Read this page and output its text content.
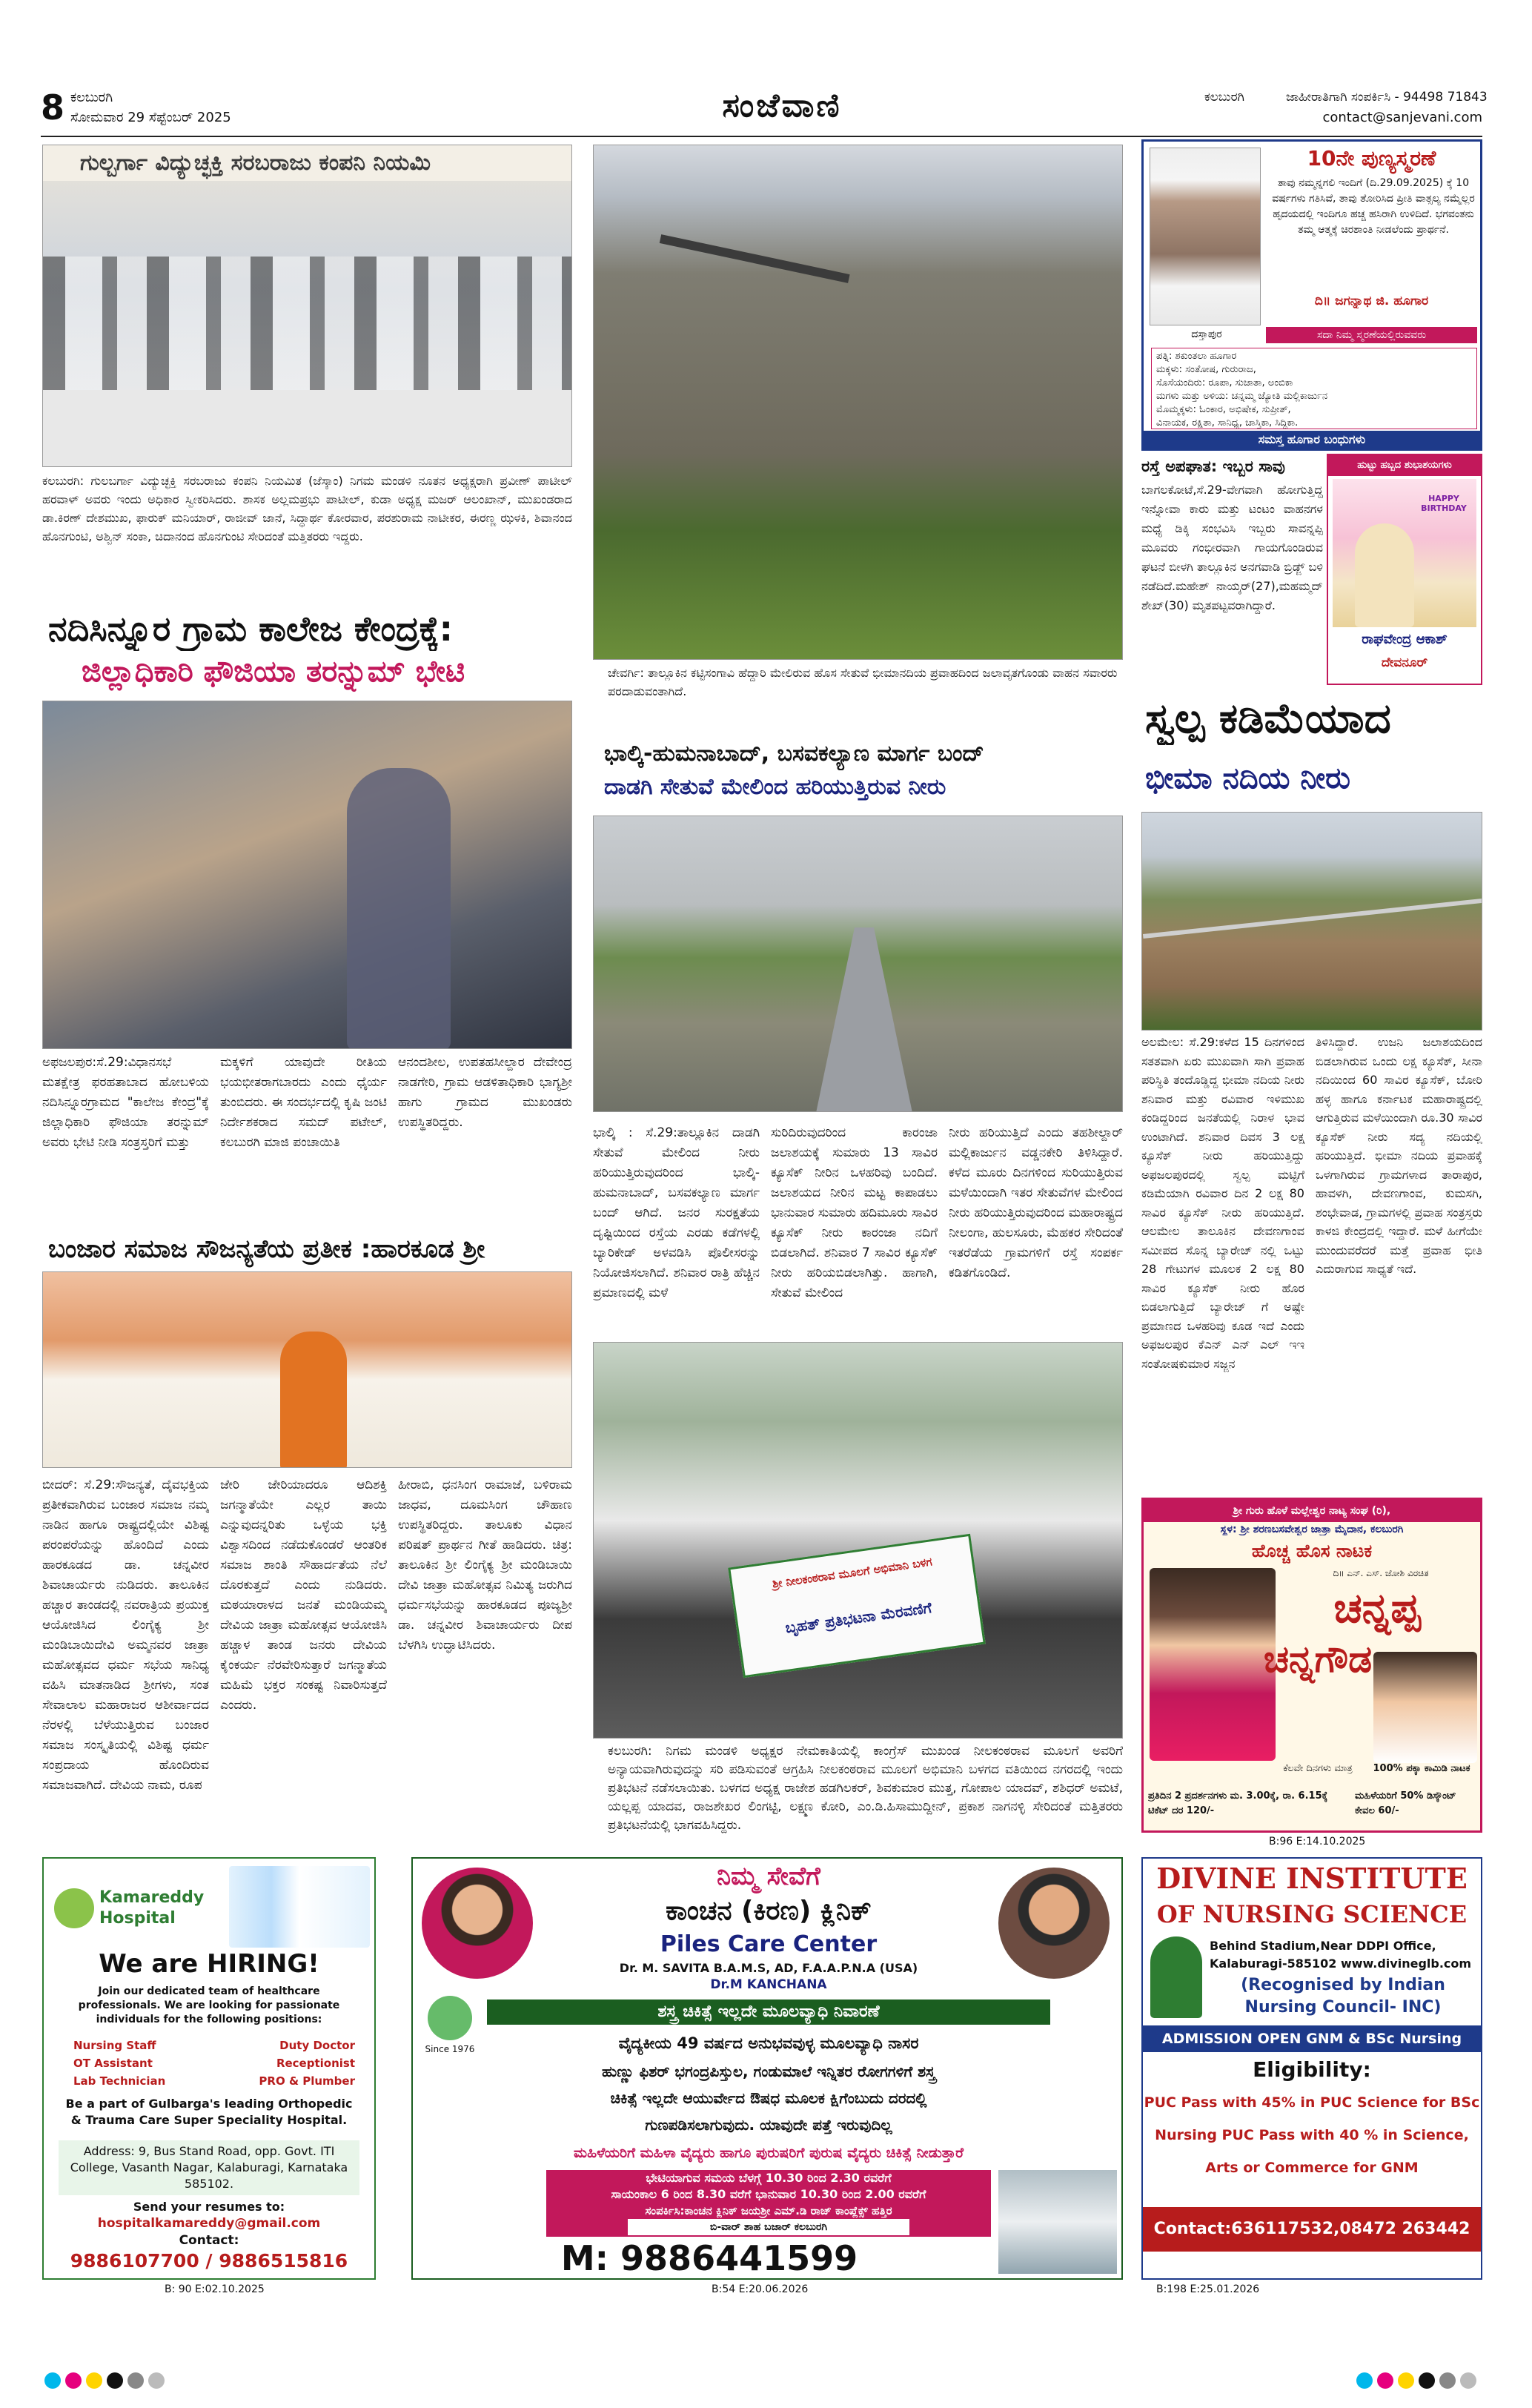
8 ಕಲಬುರಗಿ
ಸೋಮವಾರ 29 ಸೆಪ್ಟೆಂಬರ್ 2025	ಸಂಜೆವಾಣಿ	ಕಲಬುರಗಿ	ಜಾಹೀರಾತಿಗಾಗಿ ಸಂಪರ್ಕಿಸಿ - 94498 71843
contact@sanjevani.com
ಗುಲ್ಬರ್ಗಾ ವಿದ್ಯುಚ್ಛಕ್ತಿ ಸರಬರಾಜು ಕಂಪನಿ ನಿಯಮಿ
ಕಲಬುರಗಿ: ಗುಲಬರ್ಗಾ ವಿದ್ಯುಚ್ಛಕ್ತಿ ಸರಬರಾಜು ಕಂಪನಿ ನಿಯಮಿತ (ಜೆಸ್ಕಾಂ) ನಿಗಮ ಮಂಡಳಿ ನೂತನ ಅಧ್ಯಕ್ಷರಾಗಿ ಪ್ರವೀಣ್ ಪಾಟೀಲ್ ಹರವಾಳ್ ಅವರು ಇಂದು ಅಧಿಕಾರ ಸ್ವೀಕರಿಸಿದರು. ಶಾಸಕ ಅಲ್ಲಮಪ್ರಭು ಪಾಟೀಲ್, ಕುಡಾ ಅಧ್ಯಕ್ಷ ಮಜರ್ ಆಲಂಖಾನ್, ಮುಖಂಡರಾದ ಡಾ.ಕಿರಣ್ ದೇಶಮುಖ, ಫಾರುಕ್ ಮನಿಯಾರ್, ರಾಜೀವ್ ಜಾನೆ, ಸಿದ್ಧಾರ್ಥ ಕೋರವಾರ, ಪರಶುರಾಮ ನಾಟೀಕರ, ಈರಣ್ಣ ಝಳಕಿ, ಶಿವಾನಂದ ಹೊನಗುಂಟಿ, ಅಶ್ವಿನ್ ಸಂಕಾ, ಚಿದಾನಂದ ಹೊನಗುಂಟಿ ಸೇರಿದಂತೆ ಮತ್ತಿತರರು ಇದ್ದರು.
ನದಿಸಿನ್ನೂರ ಗ್ರಾಮ ಕಾಲೇಜ ಕೇಂದ್ರಕ್ಕೆ:
ಜಿಲ್ಲಾಧಿಕಾರಿ ಫೌಜಿಯಾ ತರನ್ನುಮ್ ಭೇಟಿ
ಅಫಜಲಪುರ:ಸೆ.29:ವಿಧಾನಸಭೆ ಮತಕ್ಷೇತ್ರ ಫರಹತಾಬಾದ ಹೋಬಳಿಯ ನದಿಸಿನ್ನೂರಗ್ರಾಮದ "ಕಾಲೇಜ ಕೇಂದ್ರ"ಕ್ಕೆ ಜಿಲ್ಲಾಧಿಕಾರಿ ಫೌಜಿಯಾ ತರನ್ನುಮ್ ಅವರು ಭೇಟಿ ನೀಡಿ ಸಂತ್ರಸ್ತರಿಗೆ ಮತ್ತು
ಮಕ್ಕಳಿಗೆ ಯಾವುದೇ ರೀತಿಯ ಭಯಭೀತರಾಗಬಾರದು ಎಂದು ಧೈರ್ಯ ತುಂಬಿದರು. ಈ ಸಂದರ್ಭದಲ್ಲಿ ಕೃಷಿ ಜಂಟಿ ನಿರ್ದೇಶಕರಾದ ಸಮದ್ ಪಟೇಲ್, ಕಲಬುರಗಿ ಮಾಜಿ ಪಂಚಾಯಿತಿ
ಆನಂದಶೀಲ, ಉಪತಹಸೀಲ್ದಾರ ದೇವೇಂದ್ರ ನಾಡಗೇರಿ, ಗ್ರಾಮ ಆಡಳಿತಾಧಿಕಾರಿ ಭಾಗ್ಯಶ್ರೀ ಹಾಗು ಗ್ರಾಮದ ಮುಖಂಡರು ಉಪಸ್ಥಿತರಿದ್ದರು.
ಬಂಜಾರ ಸಮಾಜ ಸೌಜನ್ಯತೆಯ ಪ್ರತೀಕ :ಹಾರಕೂಡ ಶ್ರೀ
ಬೀದರ್: ಸೆ.29:ಸೌಜನ್ಯತೆ, ದೈವಭಕ್ತಿಯ ಪ್ರತೀಕವಾಗಿರುವ ಬಂಜಾರ ಸಮಾಜ ನಮ್ಮ ನಾಡಿನ ಹಾಗೂ ರಾಷ್ಟ್ರದಲ್ಲಿಯೇ ವಿಶಿಷ್ಟ ಪರಂಪರೆಯನ್ನು ಹೊಂದಿದೆ ಎಂದು ಹಾರಕೂಡದ ಡಾ. ಚನ್ನವೀರ ಶಿವಾಚಾರ್ಯರು ನುಡಿದರು. ತಾಲೂಕಿನ ಹಚ್ಚಾರ ತಾಂಡದಲ್ಲಿ ನವರಾತ್ರಿಯ ಪ್ರಯುಕ್ತ ಆಯೋಜಿಸಿದ ಲಿಂಗೈಕ್ಯ ಶ್ರೀ ಮಂಡಿಬಾಯಿದೇವಿ ಅಮ್ಮನವರ ಜಾತ್ರಾ ಮಹೋತ್ಸವದ ಧರ್ಮ ಸಭೆಯ ಸಾನಿಧ್ಯ ವಹಿಸಿ ಮಾತನಾಡಿದ ಶ್ರೀಗಳು, ಸಂತ ಸೇವಾಲಾಲ ಮಹಾರಾಜರ ಆಶೀರ್ವಾದದ ನೆರಳಲ್ಲಿ ಬೆಳೆಯುತ್ತಿರುವ ಬಂಜಾರ ಸಮಾಜ ಸಂಸ್ಕೃತಿಯಲ್ಲಿ ವಿಶಿಷ್ಟ ಧರ್ಮ ಸಂಪ್ರದಾಯ ಹೊಂದಿರುವ ಸಮಾಜವಾಗಿದೆ. ದೇವಿಯ ನಾಮ, ರೂಪ
ಜೇರಿ ಜೇರಿಯಾದರೂ ಆದಿಶಕ್ತಿ ಜಗನ್ಮಾತೆಯೇ ಎಲ್ಲರ ತಾಯಿ ಎನ್ನುವುದನ್ನರಿತು ಒಳ್ಳೆಯ ಭಕ್ತಿ ವಿಶ್ವಾಸದಿಂದ ನಡೆದುಕೊಂಡರೆ ಆಂತರಿಕ ಸಮಾಜ ಶಾಂತಿ ಸೌಹಾರ್ದತೆಯ ನೆಲೆ ದೊರಕುತ್ತದೆ ಎಂದು ನುಡಿದರು. ಮಠಯಾರಾಳದ ಜನತೆ ಮಂಡಿಯಮ್ಮ ದೇವಿಯ ಜಾತ್ರಾ ಮಹೋತ್ಸವ ಆಯೋಜಿಸಿ ಹಚ್ಚಾಳ ತಾಂಡ ಜನರು ದೇವಿಯ ಕೈಂಕರ್ಯ ನೆರವೇರಿಸುತ್ತಾರೆ ಜಗನ್ಮಾತೆಯ ಮಹಿಮೆ ಭಕ್ತರ ಸಂಕಷ್ಟ ನಿವಾರಿಸುತ್ತದೆ ಎಂದರು.
ಹೀರಾಬಿ, ಧನಸಿಂಗ ರಾಮಾಜೆ, ಬಳಿರಾಮ ಜಾಧವ, ದೂಮಸಿಂಗ ಚೌಹಾಣ ಉಪಸ್ಥಿತರಿದ್ದರು. ತಾಲೂಕು ವಿಧಾನ ಪರಿಷತ್ ಪ್ರಾರ್ಥನ ಗೀತೆ ಹಾಡಿದರು. ಚಿತ್ರ: ತಾಲೂಕಿನ ಶ್ರೀ ಲಿಂಗೈಕ್ಯ ಶ್ರೀ ಮಂಡಿಬಾಯಿ ದೇವಿ ಜಾತ್ರಾ ಮಹೋತ್ಸವ ನಿಮಿತ್ಯ ಜರುಗಿದ ಧರ್ಮಸಭೆಯನ್ನು ಹಾರಕೂಡದ ಪೂಜ್ಯಶ್ರೀ ಡಾ. ಚನ್ನವೀರ ಶಿವಾಚಾರ್ಯರು ದೀಪ ಬೆಳಗಿಸಿ ಉದ್ಘಾಟಿಸಿದರು.
ಚೇವರ್ಗಿ: ತಾಲ್ಲೂಕಿನ ಕಟ್ಟಿಸಂಗಾವಿ ಹೆದ್ದಾರಿ ಮೇಲಿರುವ ಹೊಸ ಸೇತುವೆ ಭೀಮಾನದಿಯ ಪ್ರವಾಹದಿಂದ ಜಲಾವೃತಗೊಂಡು ವಾಹನ ಸವಾರರು ಪರದಾಡುವಂತಾಗಿದೆ.
ಭಾಲ್ಕಿ-ಹುಮನಾಬಾದ್, ಬಸವಕಲ್ಯಾಣ ಮಾರ್ಗ ಬಂದ್
ದಾಡಗಿ ಸೇತುವೆ ಮೇಲಿಂದ ಹರಿಯುತ್ತಿರುವ ನೀರು
ಭಾಲ್ಕಿ : ಸೆ.29:ತಾಲ್ಲೂಕಿನ ದಾಡಗಿ ಸೇತುವೆ ಮೇಲಿಂದ ನೀರು ಹರಿಯುತ್ತಿರುವುದರಿಂದ ಭಾಲ್ಕಿ- ಹುಮನಾಬಾದ್, ಬಸವಕಲ್ಯಾಣ ಮಾರ್ಗ ಬಂದ್ ಆಗಿದೆ. ಜನರ ಸುರಕ್ಷತೆಯ ದೃಷ್ಟಿಯಿಂದ ರಸ್ತೆಯ ಎರಡು ಕಡೆಗಳಲ್ಲಿ ಬ್ಯಾರಿಕೇಡ್ ಅಳವಡಿಸಿ ಪೊಲೀಸರನ್ನು ನಿಯೋಜಿಸಲಾಗಿದೆ. ಶನಿವಾರ ರಾತ್ರಿ ಹೆಚ್ಚಿನ ಪ್ರಮಾಣದಲ್ಲಿ ಮಳೆ
ಸುರಿದಿರುವುದರಿಂದ ಕಾರಂಜಾ ಜಲಾಶಯಕ್ಕೆ ಸುಮಾರು 13 ಸಾವಿರ ಕ್ಯೂಸೆಕ್ ನೀರಿನ ಒಳಹರಿವು ಬಂದಿದೆ. ಜಲಾಶಯದ ನೀರಿನ ಮಟ್ಟ ಕಾಪಾಡಲು ಭಾನುವಾರ ಸುಮಾರು ಹದಿಮೂರು ಸಾವಿರ ಕ್ಯೂಸೆಕ್ ನೀರು ಕಾರಂಜಾ ನದಿಗೆ ಬಿಡಲಾಗಿದೆ. ಶನಿವಾರ 7 ಸಾವಿರ ಕ್ಯೂಸೆಕ್ ನೀರು ಹರಿಯಬಿಡಲಾಗಿತ್ತು. ಹಾಗಾಗಿ, ಸೇತುವೆ ಮೇಲಿಂದ
ನೀರು ಹರಿಯುತ್ತಿದೆ ಎಂದು ತಹಶೀಲ್ದಾರ್ ಮಲ್ಲಿಕಾರ್ಜುನ ವಡ್ಡನಕೇರಿ ತಿಳಿಸಿದ್ದಾರೆ. ಕಳೆದ ಮೂರು ದಿನಗಳಿಂದ ಸುರಿಯುತ್ತಿರುವ ಮಳೆಯಿಂದಾಗಿ ಇತರ ಸೇತುವೆಗಳ ಮೇಲಿಂದ ನೀರು ಹರಿಯುತ್ತಿರುವುದರಿಂದ ಮಹಾರಾಷ್ಟ್ರದ ನೀಲಂಗಾ, ಹುಲಸೂರು, ಮೆಹಕರ ಸೇರಿದಂತೆ ಇತರೆಡೆಯ ಗ್ರಾಮಗಳಿಗೆ ರಸ್ತೆ ಸಂಪರ್ಕ ಕಡಿತಗೊಂಡಿದೆ.
ಶ್ರೀ ನೀಲಕಂಠರಾವ ಮೂಲಗೆ ಅಭಿಮಾನಿ ಬಳಗ
ಬೃಹತ್ ಪ್ರತಿಭಟನಾ ಮೆರವಣಿಗೆ
ಕಲಬುರಗಿ: ನಿಗಮ ಮಂಡಳಿ ಅಧ್ಯಕ್ಷರ ನೇಮಕಾತಿಯಲ್ಲಿ ಕಾಂಗ್ರೆಸ್ ಮುಖಂಡ ನೀಲಕಂಠರಾವ ಮೂಲಗೆ ಅವರಿಗೆ ಅನ್ಯಾಯವಾಗಿರುವುದನ್ನು ಸರಿ ಪಡಿಸುವಂತೆ ಆಗ್ರಹಿಸಿ ನೀಲಕಂಠರಾವ ಮೂಲಗೆ ಅಭಿಮಾನಿ ಬಳಗದ ವತಿಯಿಂದ ನಗರದಲ್ಲಿ ಇಂದು ಪ್ರತಿಭಟನೆ ನಡೆಸಲಾಯಿತು. ಬಳಗದ ಅಧ್ಯಕ್ಷ ರಾಜೇಶ ಹಡಗಿಲಕರ್, ಶಿವಕುಮಾರ ಮುತ್ತ, ಗೋಪಾಲ ಯಾದವ್, ಶಶಿಧರ್ ಅಮಟೆ, ಯಲ್ಲಪ್ಪ ಯಾದವ, ರಾಜಶೇಖರ ಲಿಂಗಟ್ಟಿ, ಲಕ್ಷ್ಮಣ ಕೋರಿ, ಎಂ.ಡಿ.ಹಿಸಾಮುದ್ದೀನ್, ಪ್ರಕಾಶ ನಾಗನಳ್ಳಿ ಸೇರಿದಂತೆ ಮತ್ತಿತರರು ಪ್ರತಿಭಟನೆಯಲ್ಲಿ ಭಾಗವಹಿಸಿದ್ದರು.
10ನೇ ಪುಣ್ಯಸ್ಮರಣೆ
ತಾವು ನಮ್ಮನ್ನಗಲಿ ಇಂದಿಗೆ (ದಿ.29.09.2025) ಕ್ಕೆ 10 ವರ್ಷಗಳು ಗತಿಸಿವೆ, ತಾವು ತೋರಿಸಿದ ಪ್ರೀತಿ ವಾತ್ಸಲ್ಯ ನಮ್ಮೆಲ್ಲರ ಹೃದಯದಲ್ಲಿ ಇಂದಿಗೂ ಹಚ್ಚ ಹಸಿರಾಗಿ ಉಳಿದಿದೆ. ಭಗವಂತನು ತಮ್ಮ ಆತ್ಮಕ್ಕೆ ಚಿರಶಾಂತಿ ನೀಡಲೆಂದು ಪ್ರಾರ್ಥನೆ.
ದಿ॥ ಜಗನ್ನಾಥ ಜಿ. ಹೂಗಾರ
ದಸ್ತಾಪುರ	ಸದಾ ನಿಮ್ಮ ಸ್ಮರಣೆಯಲ್ಲಿರುವವರು
ಪತ್ನಿ: ಶಕುಂತಲಾ ಹೂಗಾರ
ಮಕ್ಕಳು: ಸಂತೋಷ, ಗುರುರಾಜ,
ಸೊಸೆಯಂದಿರು: ರೂಪಾ, ಸುಜಾತಾ, ಅಂಬಿಕಾ
ಮಗಳು ಮತ್ತು ಅಳಿಯ: ಚನ್ನಮ್ಮ ಜ್ಯೋತಿ ಮಲ್ಲಿಕಾರ್ಜುನ
ಮೊಮ್ಮಕ್ಕಳು: ಓಂಕಾರ, ಅಭಿಷೇಕ, ಸುಪ್ರೀತ್,
ವಿನಾಯಕ, ರಕ್ಷಿತಾ, ಸಾನಿಧ್ಯ, ಚಾಸ್ತಿಕಾ, ಸಿದ್ಧಿಕಾ.
ಸಮಸ್ತ ಹೂಗಾರ ಬಂಧುಗಳು
ರಸ್ತೆ ಅಪಘಾತ: ಇಬ್ಬರ ಸಾವು
ಬಾಗಲಕೋಟೆ,ಸೆ.29-ವೇಗವಾಗಿ ಹೋಗುತ್ತಿದ್ದ ಇನ್ನೋವಾ ಕಾರು ಮತ್ತು ಟಂಟಂ ವಾಹನಗಳ ಮಧ್ಯೆ ಡಿಕ್ಕಿ ಸಂಭವಿಸಿ ಇಬ್ಬರು ಸಾವನ್ನಪ್ಪಿ ಮೂವರು ಗಂಭೀರವಾಗಿ ಗಾಯಗೊಂಡಿರುವ ಘಟನೆ ಬೀಳಗಿ ತಾಲ್ಲೂಕಿನ ಅನಗವಾಡಿ ಬ್ರಿಡ್ಜ್ ಬಳಿ ನಡೆದಿದೆ.ಮಹೇಶ್ ನಾಯ್ಕರ್(27),ಮಹಮ್ಮದ್ ಶೇಖ್(30) ಮೃತಪಟ್ಟವರಾಗಿದ್ದಾರೆ.
ಹುಟ್ಟು ಹಬ್ಬದ ಶುಭಾಶಯಗಳು
HAPPY BIRTHDAY
ರಾಘವೇಂದ್ರ ಆಕಾಶ್
ದೇವನೂರ್
ಸ್ವಲ್ಪ ಕಡಿಮೆಯಾದ
ಭೀಮಾ ನದಿಯ ನೀರು
ಅಲಮೇಲ: ಸೆ.29:ಕಳೆದ 15 ದಿನಗಳಿಂದ ಸತತವಾಗಿ ಏರು ಮುಖವಾಗಿ ಸಾಗಿ ಪ್ರವಾಹ ಪರಿಸ್ಥಿತಿ ತಂದೊಡ್ಡಿದ್ದ ಭೀಮಾ ನದಿಯ ನೀರು ಶನಿವಾರ ಮತ್ತು ರವಿವಾರ ಇಳಿಮುಖ ಕಂಡಿದ್ದರಿಂದ ಜನತೆಯಲ್ಲಿ ನಿರಾಳ ಭಾವ ಉಂಟಾಗಿದೆ. ಶನಿವಾರ ದಿವಸ 3 ಲಕ್ಷ ಕ್ಯೂಸೆಕ್ ನೀರು ಹರಿಯುತ್ತಿದ್ದು ಅಫಜಲಪುರದಲ್ಲಿ ಸ್ವಲ್ಪ ಮಟ್ಟಿಗೆ ಕಡಿಮೆಯಾಗಿ ರವಿವಾರ ದಿನ 2 ಲಕ್ಷ 80 ಸಾವಿರ ಕ್ಯೂಸೆಕ್ ನೀರು ಹರಿಯುತ್ತಿದೆ. ಆಲಮೇಲ ತಾಲೂಕಿನ ದೇವಣಗಾಂವ ಸಮೀಪದ ಸೊನ್ನ ಬ್ಯಾರೇಜ್ ನಲ್ಲಿ ಒಟ್ಟು 28 ಗೇಟುಗಳ ಮೂಲಕ 2 ಲಕ್ಷ 80 ಸಾವಿರ ಕ್ಯೂಸೆಕ್ ನೀರು ಹೊರ ಬಿಡಲಾಗುತ್ತಿದೆ ಬ್ಯಾರೇಜ್ ಗೆ ಅಷ್ಟೇ ಪ್ರಮಾಣದ ಒಳಹರಿವು ಕೂಡ ಇದೆ ಎಂದು ಅಫಜಲಪುರ ಕೆಎನ್ ಎನ್ ಎಲ್ ಇಇ ಸಂತೋಷಕುಮಾರ ಸಜ್ಜನ
ತಿಳಿಸಿದ್ದಾರೆ. ಉಜನಿ ಜಲಾಶಯದಿಂದ ಬಿಡಲಾಗಿರುವ ಒಂದು ಲಕ್ಷ ಕ್ಯೂಸೆಕ್, ಸೀನಾ ನದಿಯಿಂದ 60 ಸಾವಿರ ಕ್ಯೂಸೆಕ್, ಬೋರಿ ಹಳ್ಳ ಹಾಗೂ ಕರ್ನಾಟಕ ಮಹಾರಾಷ್ಟ್ರದಲ್ಲಿ ಆಗುತ್ತಿರುವ ಮಳೆಯಿಂದಾಗಿ ರೂ.30 ಸಾವಿರ ಕ್ಯೂಸೆಕ್ ನೀರು ಸದ್ಯ ನದಿಯಲ್ಲಿ ಹರಿಯುತ್ತಿದೆ. ಭೀಮಾ ನದಿಯ ಪ್ರವಾಹಕ್ಕೆ ಒಳಗಾಗಿರುವ ಗ್ರಾಮಗಳಾದ ತಾರಾಪುರ, ಹಾವಳಗಿ, ದೇವಣಗಾಂವ, ಕುಮಸಗಿ, ಶಂಭೇವಾಡ, ಗ್ರಾಮಗಳಲ್ಲಿ ಪ್ರವಾಹ ಸಂತ್ರಸ್ತರು ಕಾಳಜಿ ಕೇಂದ್ರದಲ್ಲಿ ಇದ್ದಾರೆ. ಮಳೆ ಹೀಗೆಯೇ ಮುಂದುವರೆದರೆ ಮತ್ತೆ ಪ್ರವಾಹ ಭೀತಿ ಎದುರಾಗುವ ಸಾಧ್ಯತೆ ಇದೆ.
ಶ್ರೀ ಗುರು ಹೊಳೆ ಮಲ್ಲೇಶ್ವರ ನಾಟ್ಯ ಸಂಘ (ರಿ),
ಸ್ಥಳ: ಶ್ರೀ ಶರಣಬಸವೇಶ್ವರ ಜಾತ್ರಾ ಮೈದಾನ, ಕಲಬುರಗಿ
ಹೊಚ್ಚ ಹೊಸ ನಾಟಕ
ದಿ॥ ಎನ್. ಎಸ್. ಜೋಶಿ ವಿರಚಿತ
ಚನ್ನಪ್ಪ
ಚನ್ನಗೌಡ
ಕೆಲವೇ ದಿನಗಳು ಮಾತ್ರ	100% ಪಕ್ಕಾ ಕಾಮಿಡಿ ನಾಟಕ
ಪ್ರತಿದಿನ 2 ಪ್ರದರ್ಶನಗಳು ಮ. 3.00ಕ್ಕೆ, ರಾ. 6.15ಕ್ಕೆ ಟಿಕೆಟ್ ದರ 120/-
ಮಹಿಳೆಯರಿಗೆ 50% ಡಿಸ್ಕೌಂಟ್ ಕೇವಲ 60/-
B:96 E:14.10.2025
Kamareddy
Hospital
We are HIRING!
Join our dedicated team of healthcare professionals. We are looking for passionate individuals for the following positions:
Nursing Staff	Duty Doctor
OT Assistant	Receptionist
Lab Technician	PRO & Plumber
Be a part of Gulbarga's leading Orthopedic & Trauma Care Super Speciality Hospital.
Address: 9, Bus Stand Road, opp. Govt. ITI College, Vasanth Nagar, Kalaburagi, Karnataka 585102.
Send your resumes to:
hospitalkamareddy@gmail.com
Contact:
9886107700 / 9886515816
B: 90 E:02.10.2025
ನಿಮ್ಮ ಸೇವೆಗೆ
ಕಾಂಚನ (ಕಿರಣ) ಕ್ಲಿನಿಕ್
Piles Care Center
Dr. M. SAVITA B.A.M.S, AD, F.A.A.P.N.A (USA)
Dr.M KANCHANA
Since 1976
ಶಸ್ತ್ರ ಚಿಕಿತ್ಸೆ ಇಲ್ಲದೇ ಮೂಲವ್ಯಾಧಿ ನಿವಾರಣೆ
ವೈದ್ಯಕೀಯ 49 ವರ್ಷದ ಅನುಭವವುಳ್ಳ ಮೂಲವ್ಯಾಧಿ ನಾಸರ
ಹುಣ್ಣು ಫಿಶರ್ ಭಗಂದ್ರಪಿಸ್ತುಲ, ಗಂಡುಮಾಲೆ ಇನ್ನಿತರ ರೋಗಗಳಿಗೆ ಶಸ್ತ್ರ
ಚಿಕಿತ್ಸೆ ಇಲ್ಲದೇ ಆಯುರ್ವೇದ ಔಷಧ ಮೂಲಕ ಕ್ಷಿಗೆಂಬುದು ದರದಲ್ಲಿ
ಗುಣಪಡಿಸಲಾಗುವುದು. ಯಾವುದೇ ಪತ್ತೆ ಇರುವುದಿಲ್ಲ
ಮಹಿಳೆಯರಿಗೆ ಮಹಿಳಾ ವೈದ್ಯರು ಹಾಗೂ ಪುರುಷರಿಗೆ ಪುರುಷ ವೈದ್ಯರು ಚಿಕಿತ್ಸೆ ನೀಡುತ್ತಾರೆ
ಭೇಟಿಯಾಗುವ ಸಮಯ ಬೆಳಗ್ಗೆ 10.30 ರಿಂದ 2.30 ರವರೆಗೆ
ಸಾಯಂಕಾಲ 6 ರಿಂದ 8.30 ವರೆಗೆ ಭಾನುವಾರ 10.30 ರಿಂದ 2.00 ರವರೆಗೆ
ಸಂಪರ್ಕಿಸಿ:ಕಾಂಚನ ಕ್ಲಿನಿಕ್ ಜಯಶ್ರೀ ಎಮ್.ಡಿ ರಾಜ್ ಕಾಂಪ್ಲೆಕ್ಸ್ ಹತ್ತಿರ
ಬಿ-ವಾರ್ ಶಾಹ ಬಜಾರ್ ಕಲಬುರಗಿ
M: 9886441599
B:54 E:20.06.2026
DIVINE INSTITUTE
OF NURSING SCIENCE
Behind Stadium,Near DDPI Office,
Kalaburagi-585102 www.divineglb.com
(Recognised by Indian
Nursing Council- INC)
ADMISSION OPEN GNM & BSc Nursing
Eligibility:
PUC Pass with 45% in PUC Science for BSc
Nursing PUC Pass with 40 % in Science,
Arts or Commerce for GNM
Contact:636117532,08472 263442
B:198 E:25.01.2026
